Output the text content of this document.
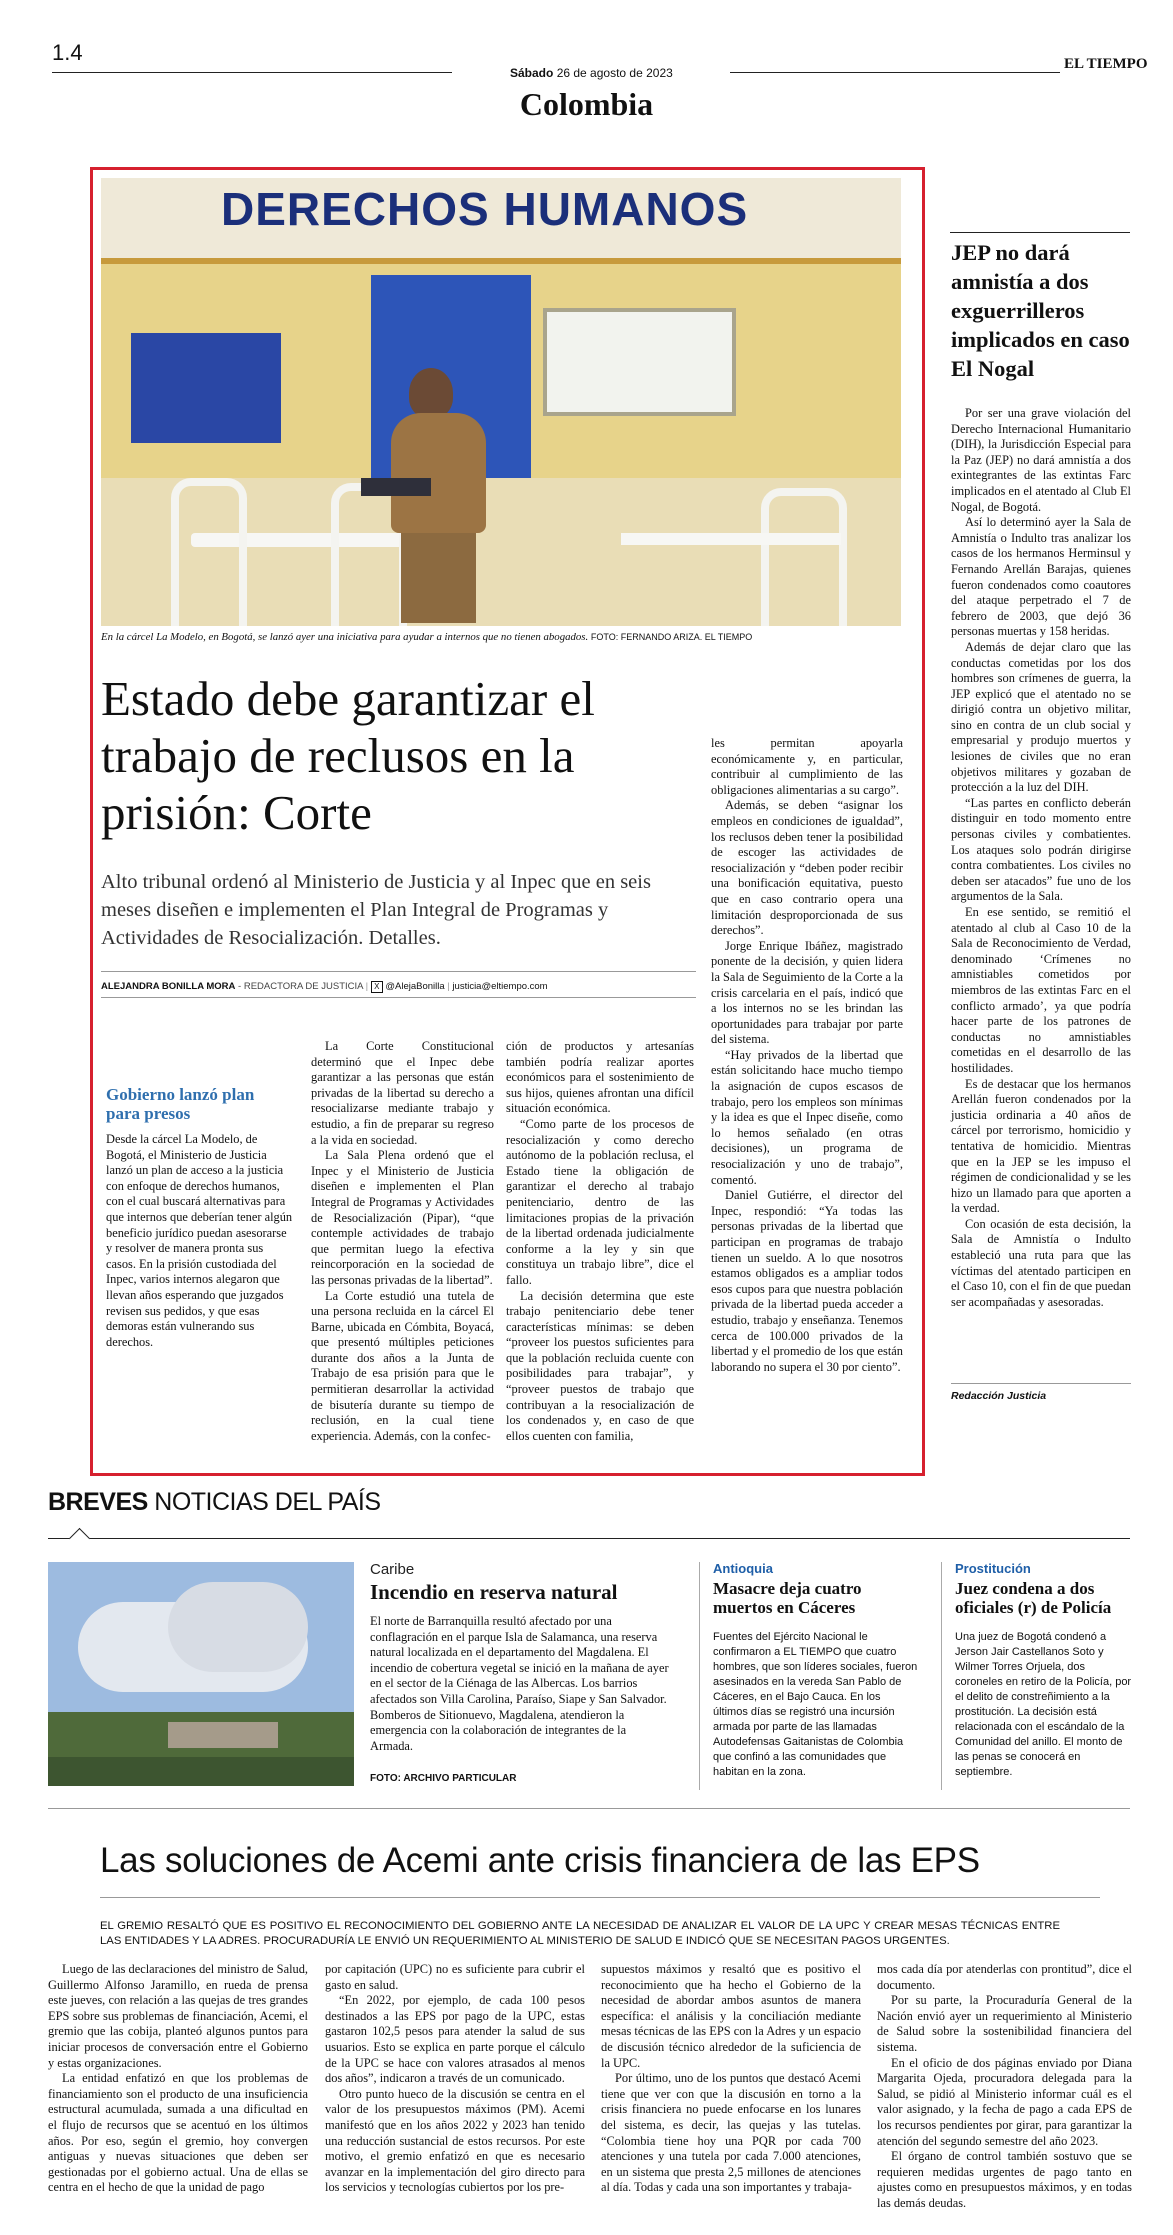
1.4
Sábado 26 de agosto de 2023
EL TIEMPO
Colombia
DERECHOS HUMANOS
En la cárcel La Modelo, en Bogotá, se lanzó ayer una iniciativa para ayudar a internos que no tienen abogados. FOTO: FERNANDO ARIZA. EL TIEMPO
Estado debe garantizar el trabajo de reclusos en la prisión: Corte
Alto tribunal ordenó al Ministerio de Justicia y al Inpec que en seis meses diseñen e implementen el Plan Integral de Programas y Actividades de Resocialización. Detalles.
ALEJANDRA BONILLA MORA - REDACTORA DE JUSTICIA | X @AlejaBonilla | justicia@eltiempo.com
Gobierno lanzó plan para presos
Desde la cárcel La Modelo, de Bogotá, el Ministerio de Justicia lanzó un plan de acceso a la justicia con enfoque de derechos humanos, con el cual buscará alternativas para que internos que deberían tener algún beneficio jurídico puedan asesorarse y resolver de manera pronta sus casos. En la prisión custodiada del Inpec, varios internos alegaron que llevan años esperando que juzgados revisen sus pedidos, y que esas demoras están vulnerando sus derechos.

La Corte Constitucional determinó que el Inpec debe garantizar a las personas que están privadas de la libertad su derecho a resocializarse mediante trabajo y estudio, a fin de preparar su regreso a la vida en sociedad.

La Sala Plena ordenó que el Inpec y el Ministerio de Justicia diseñen e implementen el Plan Integral de Programas y Actividades de Resocialización (Pipar), “que contemple actividades de trabajo que permitan luego la efectiva reincorporación en la sociedad de las personas privadas de la libertad”.

La Corte estudió una tutela de una persona recluida en la cárcel El Barne, ubicada en Cómbita, Boyacá, que presentó múltiples peticiones durante dos años a la Junta de Trabajo de esa prisión para que le permitieran desarrollar la actividad de bisutería durante su tiempo de reclusión, en la cual tiene experiencia. Además, con la confec-

ción de productos y artesanías también podría realizar aportes económicos para el sostenimiento de sus hijos, quienes afrontan una difícil situación económica.

“Como parte de los procesos de resocialización y como derecho autónomo de la población reclusa, el Estado tiene la obligación de garantizar el derecho al trabajo penitenciario, dentro de las limitaciones propias de la privación de la libertad ordenada judicialmente conforme a la ley y sin que constituya un trabajo libre”, dice el fallo.

La decisión determina que este trabajo penitenciario debe tener características mínimas: se deben “proveer los puestos suficientes para que la población recluida cuente con posibilidades para trabajar”, y “proveer puestos de trabajo que contribuyan a la resocialización de los condenados y, en caso de que ellos cuenten con familia,

les permitan apoyarla económicamente y, en particular, contribuir al cumplimiento de las obligaciones alimentarias a su cargo”.

Además, se deben “asignar los empleos en condiciones de igualdad”, los reclusos deben tener la posibilidad de escoger las actividades de resocialización y “deben poder recibir una bonificación equitativa, puesto que en caso contrario opera una limitación desproporcionada de sus derechos”.

Jorge Enrique Ibáñez, magistrado ponente de la decisión, y quien lidera la Sala de Seguimiento de la Corte a la crisis carcelaria en el país, indicó que a los internos no se les brindan las oportunidades para trabajar por parte del sistema.

“Hay privados de la libertad que están solicitando hace mucho tiempo la asignación de cupos escasos de trabajo, pero los empleos son mínimas y la idea es que el Inpec diseñe, como lo hemos señalado (en otras decisiones), un programa de resocialización y uno de trabajo”, comentó.

Daniel Gutiérre, el director del Inpec, respondió: “Ya todas las personas privadas de la libertad que participan en programas de trabajo tienen un sueldo. A lo que nosotros estamos obligados es a ampliar todos esos cupos para que nuestra población privada de la libertad pueda acceder a estudio, trabajo y enseñanza. Tenemos cerca de 100.000 privados de la libertad y el promedio de los que están laborando no supera el 30 por ciento”.

JEP no dará amnistía a dos exguerrilleros implicados en caso El Nogal

Por ser una grave violación del Derecho Internacional Humanitario (DIH), la Jurisdicción Especial para la Paz (JEP) no dará amnistía a dos exintegrantes de las extintas Farc implicados en el atentado al Club El Nogal, de Bogotá.

Así lo determinó ayer la Sala de Amnistía o Indulto tras analizar los casos de los hermanos Herminsul y Fernando Arellán Barajas, quienes fueron condenados como coautores del ataque perpetrado el 7 de febrero de 2003, que dejó 36 personas muertas y 158 heridas.

Además de dejar claro que las conductas cometidas por los dos hombres son crímenes de guerra, la JEP explicó que el atentado no se dirigió contra un objetivo militar, sino en contra de un club social y empresarial y produjo muertos y lesiones de civiles que no eran objetivos militares y gozaban de protección a la luz del DIH.

“Las partes en conflicto deberán distinguir en todo momento entre personas civiles y combatientes. Los ataques solo podrán dirigirse contra combatientes. Los civiles no deben ser atacados” fue uno de los argumentos de la Sala.

En ese sentido, se remitió el atentado al club al Caso 10 de la Sala de Reconocimiento de Verdad, denominado ‘Crímenes no amnistiables cometidos por miembros de las extintas Farc en el conflicto armado’, ya que podría hacer parte de los patrones de conductas no amnistiables cometidas en el desarrollo de las hostilidades.

Es de destacar que los hermanos Arellán fueron condenados por la justicia ordinaria a 40 años de cárcel por terrorismo, homicidio y tentativa de homicidio. Mientras que en la JEP se les impuso el régimen de condicionalidad y se les hizo un llamado para que aporten a la verdad.

Con ocasión de esta decisión, la Sala de Amnistía o Indulto estableció una ruta para que las víctimas del atentado participen en el Caso 10, con el fin de que puedan ser acompañadas y asesoradas.

Redacción Justicia
BREVES NOTICIAS DEL PAÍS
Caribe
Incendio en reserva natural
El norte de Barranquilla resultó afectado por una conflagración en el parque Isla de Salamanca, una reserva natural localizada en el departamento del Magdalena. El incendio de cobertura vegetal se inició en la mañana de ayer en el sector de la Ciénaga de las Albercas. Los barrios afectados son Villa Carolina, Paraíso, Siape y San Salvador. Bomberos de Sitionuevo, Magdalena, atendieron la emergencia con la colaboración de integrantes de la Armada.
FOTO: ARCHIVO PARTICULAR
Antioquia
Masacre deja cuatro muertos en Cáceres
Fuentes del Ejército Nacional le confirmaron a EL TIEMPO que cuatro hombres, que son líderes sociales, fueron asesinados en la vereda San Pablo de Cáceres, en el Bajo Cauca. En los últimos días se registró una incursión armada por parte de las llamadas Autodefensas Gaitanistas de Colombia que confinó a las comunidades que habitan en la zona.
Prostitución
Juez condena a dos oficiales (r) de Policía
Una juez de Bogotá condenó a Jerson Jair Castellanos Soto y Wilmer Torres Orjuela, dos coroneles en retiro de la Policía, por el delito de constreñimiento a la prostitución. La decisión está relacionada con el escándalo de la Comunidad del anillo. El monto de las penas se conocerá en septiembre.
Las soluciones de Acemi ante crisis financiera de las EPS
EL GREMIO RESALTÓ QUE ES POSITIVO EL RECONOCIMIENTO DEL GOBIERNO ANTE LA NECESIDAD DE ANALIZAR EL VALOR DE LA UPC Y CREAR MESAS TÉCNICAS ENTRE LAS ENTIDADES Y LA ADRES. PROCURADURÍA LE ENVIÓ UN REQUERIMIENTO AL MINISTERIO DE SALUD E INDICÓ QUE SE NECESITAN PAGOS URGENTES.

Luego de las declaraciones del ministro de Salud, Guillermo Alfonso Jaramillo, en rueda de prensa este jueves, con relación a las quejas de tres grandes EPS sobre sus problemas de financiación, Acemi, el gremio que las cobija, planteó algunos puntos para iniciar procesos de conversación entre el Gobierno y estas organizaciones.

La entidad enfatizó en que los problemas de financiamiento son el producto de una insuficiencia estructural acumulada, sumada a una dificultad en el flujo de recursos que se acentuó en los últimos años. Por eso, según el gremio, hoy convergen antiguas y nuevas situaciones que deben ser gestionadas por el gobierno actual. Una de ellas se centra en el hecho de que la unidad de pago

por capitación (UPC) no es suficiente para cubrir el gasto en salud.

“En 2022, por ejemplo, de cada 100 pesos destinados a las EPS por pago de la UPC, estas gastaron 102,5 pesos para atender la salud de sus usuarios. Esto se explica en parte porque el cálculo de la UPC se hace con valores atrasados al menos dos años”, indicaron a través de un comunicado.

Otro punto hueco de la discusión se centra en el valor de los presupuestos máximos (PM). Acemi manifestó que en los años 2022 y 2023 han tenido una reducción sustancial de estos recursos. Por este motivo, el gremio enfatizó en que es necesario avanzar en la implementación del giro directo para los servicios y tecnologías cubiertos por los pre-

supuestos máximos y resaltó que es positivo el reconocimiento que ha hecho el Gobierno de la necesidad de abordar ambos asuntos de manera específica: el análisis y la conciliación mediante mesas técnicas de las EPS con la Adres y un espacio de discusión técnico alrededor de la suficiencia de la UPC.

Por último, uno de los puntos que destacó Acemi tiene que ver con que la discusión en torno a la crisis financiera no puede enfocarse en los lunares del sistema, es decir, las quejas y las tutelas. “Colombia tiene hoy una PQR por cada 700 atenciones y una tutela por cada 7.000 atenciones, en un sistema que presta 2,5 millones de atenciones al día. Todas y cada una son importantes y trabaja-

mos cada día por atenderlas con prontitud”, dice el documento.

Por su parte, la Procuraduría General de la Nación envió ayer un requerimiento al Ministerio de Salud sobre la sostenibilidad financiera del sistema.

En el oficio de dos páginas enviado por Diana Margarita Ojeda, procuradora delegada para la Salud, se pidió al Ministerio informar cuál es el valor asignado, y la fecha de pago a cada EPS de los recursos pendientes por girar, para garantizar la atención del segundo semestre del año 2023.

El órgano de control también sostuvo que se requieren medidas urgentes de pago tanto en ajustes como en presupuestos máximos, y en todas las demás deudas.
